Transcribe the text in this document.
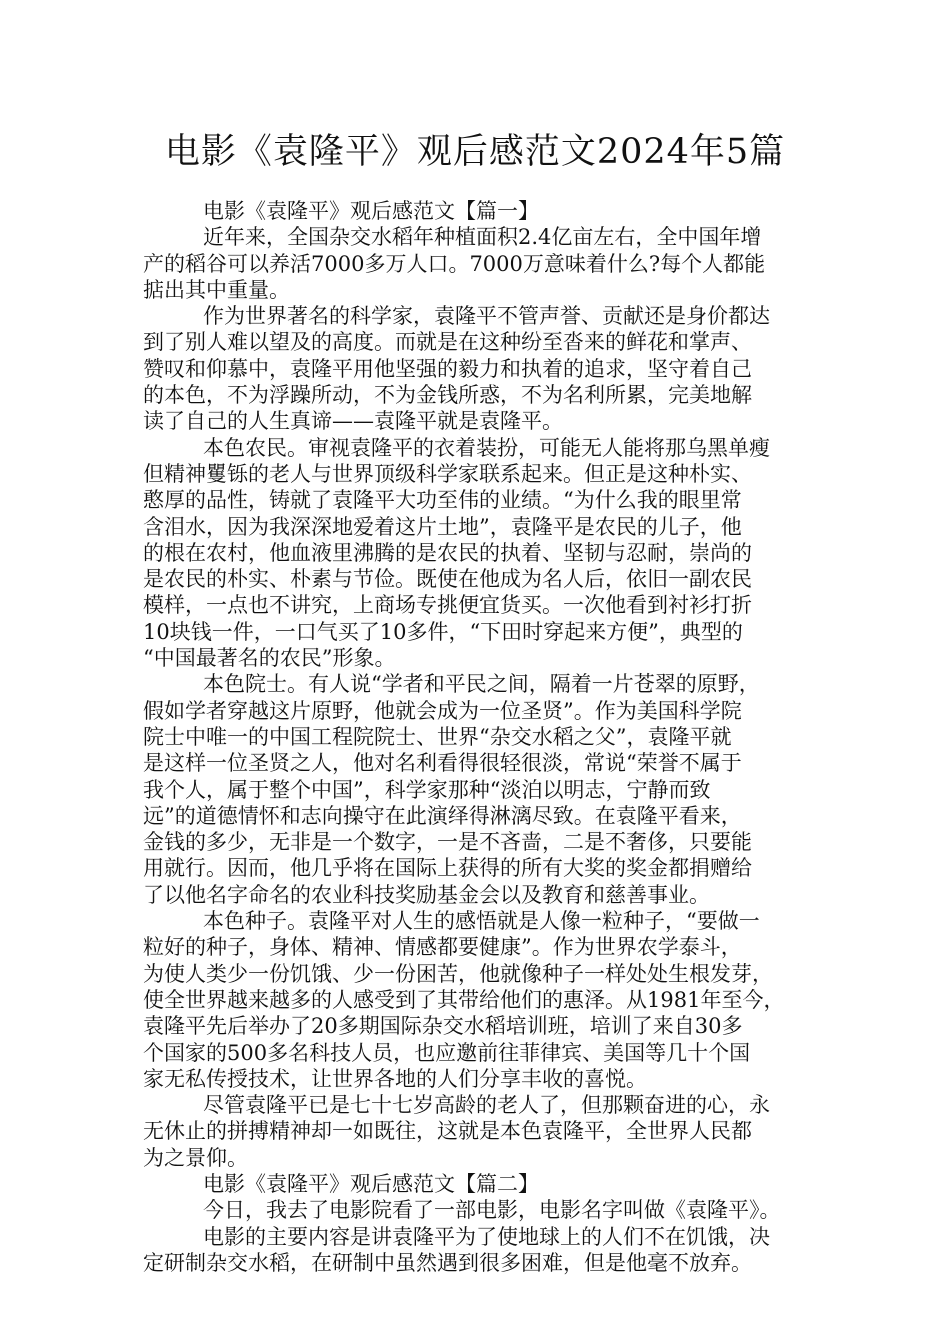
电影《袁隆平》观后感范文2024年5篇
电影《袁隆平》观后感范文【篇一】
近年来，全国杂交水稻年种植面积2.4亿亩左右，全中国年增
产的稻谷可以养活7000多万人口。7000万意味着什么?每个人都能
掂出其中重量。
作为世界著名的科学家，袁隆平不管声誉、贡献还是身价都达
到了别人难以望及的高度。而就是在这种纷至沓来的鲜花和掌声、
赞叹和仰慕中，袁隆平用他坚强的毅力和执着的追求，坚守着自己
的本色，不为浮躁所动，不为金钱所惑，不为名利所累，完美地解
读了自己的人生真谛——袁隆平就是袁隆平。
本色农民。审视袁隆平的衣着装扮，可能无人能将那乌黑单瘦
但精神矍铄的老人与世界顶级科学家联系起来。但正是这种朴实、
憨厚的品性，铸就了袁隆平大功至伟的业绩。“为什么我的眼里常
含泪水，因为我深深地爱着这片土地”，袁隆平是农民的儿子，他
的根在农村，他血液里沸腾的是农民的执着、坚韧与忍耐，崇尚的
是农民的朴实、朴素与节俭。既使在他成为名人后，依旧一副农民
模样，一点也不讲究，上商场专挑便宜货买。一次他看到衬衫打折
10块钱一件，一口气买了10多件，“下田时穿起来方便”，典型的
“中国最著名的农民”形象。
本色院士。有人说“学者和平民之间，隔着一片苍翠的原野，
假如学者穿越这片原野，他就会成为一位圣贤”。作为美国科学院
院士中唯一的中国工程院院士、世界“杂交水稻之父”，袁隆平就
是这样一位圣贤之人，他对名利看得很轻很淡，常说“荣誉不属于
我个人，属于整个中国”，科学家那种“淡泊以明志，宁静而致
远”的道德情怀和志向操守在此演绎得淋漓尽致。在袁隆平看来，
金钱的多少，无非是一个数字，一是不吝啬，二是不奢侈，只要能
用就行。因而，他几乎将在国际上获得的所有大奖的奖金都捐赠给
了以他名字命名的农业科技奖励基金会以及教育和慈善事业。
本色种子。袁隆平对人生的感悟就是人像一粒种子，“要做一
粒好的种子，身体、精神、情感都要健康”。作为世界农学泰斗，
为使人类少一份饥饿、少一份困苦，他就像种子一样处处生根发芽，
使全世界越来越多的人感受到了其带给他们的惠泽。从1981年至今，
袁隆平先后举办了20多期国际杂交水稻培训班，培训了来自30多
个国家的500多名科技人员，也应邀前往菲律宾、美国等几十个国
家无私传授技术，让世界各地的人们分享丰收的喜悦。
尽管袁隆平已是七十七岁高龄的老人了，但那颗奋进的心，永
无休止的拼搏精神却一如既往，这就是本色袁隆平，全世界人民都
为之景仰。
电影《袁隆平》观后感范文【篇二】
今日，我去了电影院看了一部电影，电影名字叫做《袁隆平》。
电影的主要内容是讲袁隆平为了使地球上的人们不在饥饿，决
定研制杂交水稻，在研制中虽然遇到很多困难，但是他毫不放弃。
